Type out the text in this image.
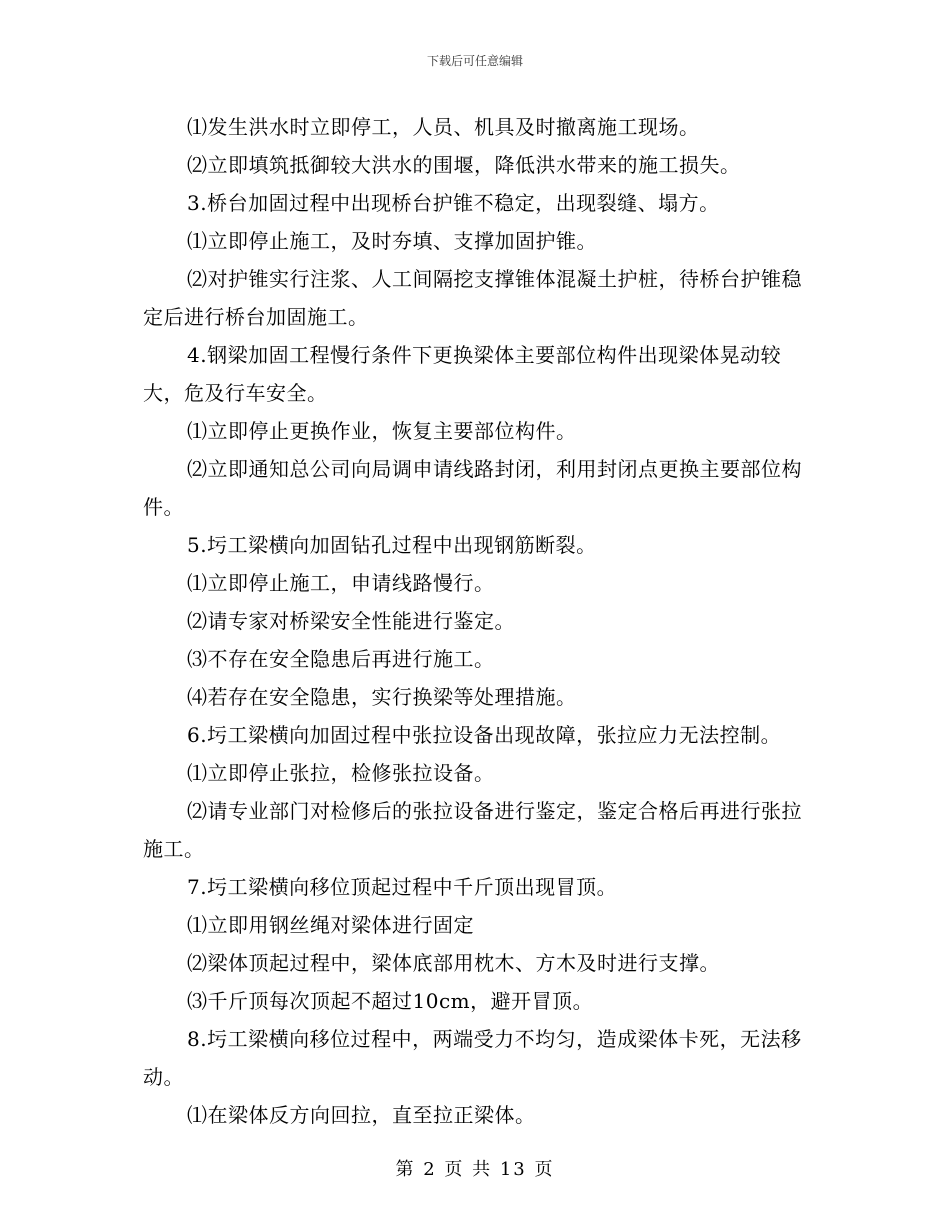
下载后可任意编辑

⑴发生洪水时立即停工，人员、机具及时撤离施工现场。

⑵立即填筑抵御较大洪水的围堰，降低洪水带来的施工损失。

3.桥台加固过程中出现桥台护锥不稳定，出现裂缝、塌方。

⑴立即停止施工，及时夯填、支撑加固护锥。

⑵对护锥实行注浆、人工间隔挖支撑锥体混凝土护桩，待桥台护锥稳定后进行桥台加固施工。

4.钢梁加固工程慢行条件下更换梁体主要部位构件出现梁体晃动较大，危及行车安全。

⑴立即停止更换作业，恢复主要部位构件。

⑵立即通知总公司向局调申请线路封闭，利用封闭点更换主要部位构件。

5.圬工梁横向加固钻孔过程中出现钢筋断裂。

⑴立即停止施工，申请线路慢行。

⑵请专家对桥梁安全性能进行鉴定。

⑶不存在安全隐患后再进行施工。

⑷若存在安全隐患，实行换梁等处理措施。

6.圬工梁横向加固过程中张拉设备出现故障，张拉应力无法控制。

⑴立即停止张拉，检修张拉设备。

⑵请专业部门对检修后的张拉设备进行鉴定，鉴定合格后再进行张拉施工。

7.圬工梁横向移位顶起过程中千斤顶出现冒顶。

⑴立即用钢丝绳对梁体进行固定

⑵梁体顶起过程中，梁体底部用枕木、方木及时进行支撑。

⑶千斤顶每次顶起不超过10cm，避开冒顶。

8.圬工梁横向移位过程中，两端受力不均匀，造成梁体卡死，无法移动。

⑴在梁体反方向回拉，直至拉正梁体。

第 2 页 共 13 页
